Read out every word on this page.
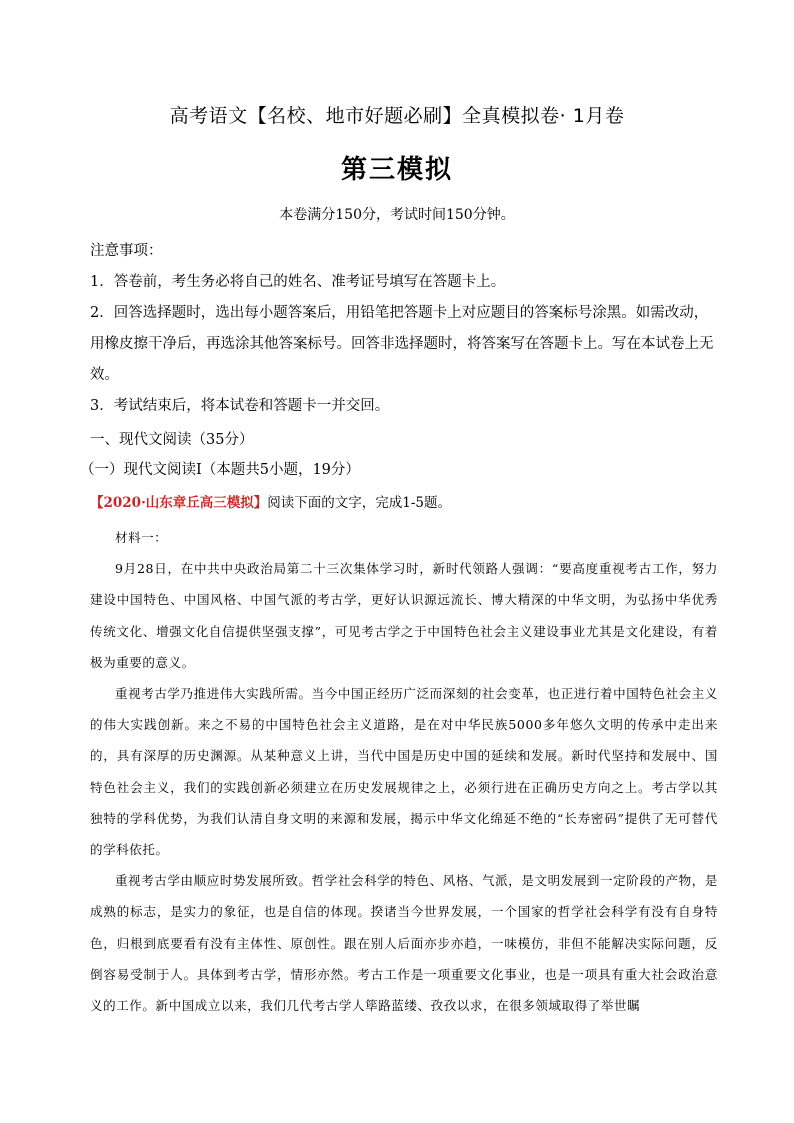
高考语文【名校、地市好题必刷】全真模拟卷· 1月卷
第三模拟
本卷满分150分，考试时间150分钟。

注意事项：

1．答卷前，考生务必将自己的姓名、准考证号填写在答题卡上。

2．回答选择题时，选出每小题答案后，用铅笔把答题卡上对应题目的答案标号涂黑。如需改动，用橡皮擦干净后，再选涂其他答案标号。回答非选择题时，将答案写在答题卡上。写在本试卷上无效。

3．考试结束后，将本试卷和答题卡一并交回。

一、现代文阅读（35分）
（一）现代文阅读Ⅰ（本题共5小题，19分）
【2020·山东章丘高三模拟】阅读下面的文字，完成1-5题。

材料一：

9月28日，在中共中央政治局第二十三次集体学习时，新时代领路人强调：“要高度重视考古工作，努力建设中国特色、中国风格、中国气派的考古学，更好认识源远流长、博大精深的中华文明，为弘扬中华优秀传统文化、增强文化自信提供坚强支撑”，可见考古学之于中国特色社会主义建设事业尤其是文化建设，有着极为重要的意义。

重视考古学乃推进伟大实践所需。当今中国正经历广泛而深刻的社会变革，也正进行着中国特色社会主义的伟大实践创新。来之不易的中国特色社会主义道路，是在对中华民族5000多年悠久文明的传承中走出来的，具有深厚的历史渊源。从某种意义上讲，当代中国是历史中国的延续和发展。新时代坚持和发展中、国特色社会主义，我们的实践创新必须建立在历史发展规律之上，必须行进在正确历史方向之上。考古学以其独特的学科优势，为我们认清自身文明的来源和发展，揭示中华文化绵延不绝的“长寿密码”提供了无可替代的学科依托。

重视考古学由顺应时势发展所致。哲学社会科学的特色、风格、气派，是文明发展到一定阶段的产物，是成熟的标志，是实力的象征，也是自信的体现。揆诸当今世界发展，一个国家的哲学社会科学有没有自身特色，归根到底要看有没有主体性、原创性。跟在别人后面亦步亦趋，一味模仿，非但不能解决实际问题，反倒容易受制于人。具体到考古学，情形亦然。考古工作是一项重要文化事业，也是一项具有重大社会政治意义的工作。新中国成立以来，我们几代考古学人筚路蓝缕、孜孜以求，在很多领域取得了举世瞩
